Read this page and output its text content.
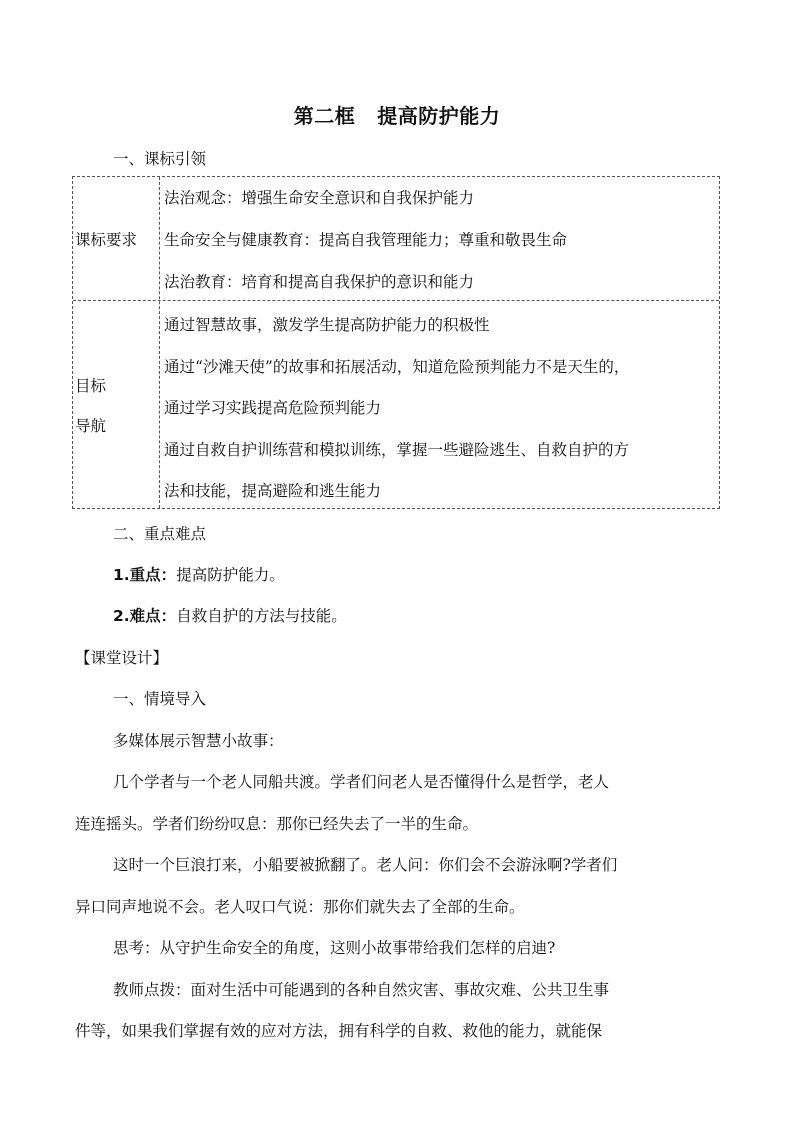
第二框 提高防护能力
一、课标引领
课标要求
法治观念：增强生命安全意识和自我保护能力
生命安全与健康教育：提高自我管理能力；尊重和敬畏生命
法治教育：培育和提高自我保护的意识和能力
目标
导航
通过智慧故事，激发学生提高防护能力的积极性
通过“沙滩天使”的故事和拓展活动，知道危险预判能力不是天生的，
通过学习实践提高危险预判能力
通过自救自护训练营和模拟训练，掌握一些避险逃生、自救自护的方
法和技能，提高避险和逃生能力
二、重点难点
1.重点：提高防护能力。
2.难点：自救自护的方法与技能。
【课堂设计】
一、情境导入
多媒体展示智慧小故事：
几个学者与一个老人同船共渡。学者们问老人是否懂得什么是哲学，老人
连连摇头。学者们纷纷叹息：那你已经失去了一半的生命。
这时一个巨浪打来，小船要被掀翻了。老人问：你们会不会游泳啊?学者们
异口同声地说不会。老人叹口气说：那你们就失去了全部的生命。
思考：从守护生命安全的角度，这则小故事带给我们怎样的启迪?
教师点拨：面对生活中可能遇到的各种自然灾害、事故灾难、公共卫生事
件等，如果我们掌握有效的应对方法，拥有科学的自救、救他的能力，就能保
